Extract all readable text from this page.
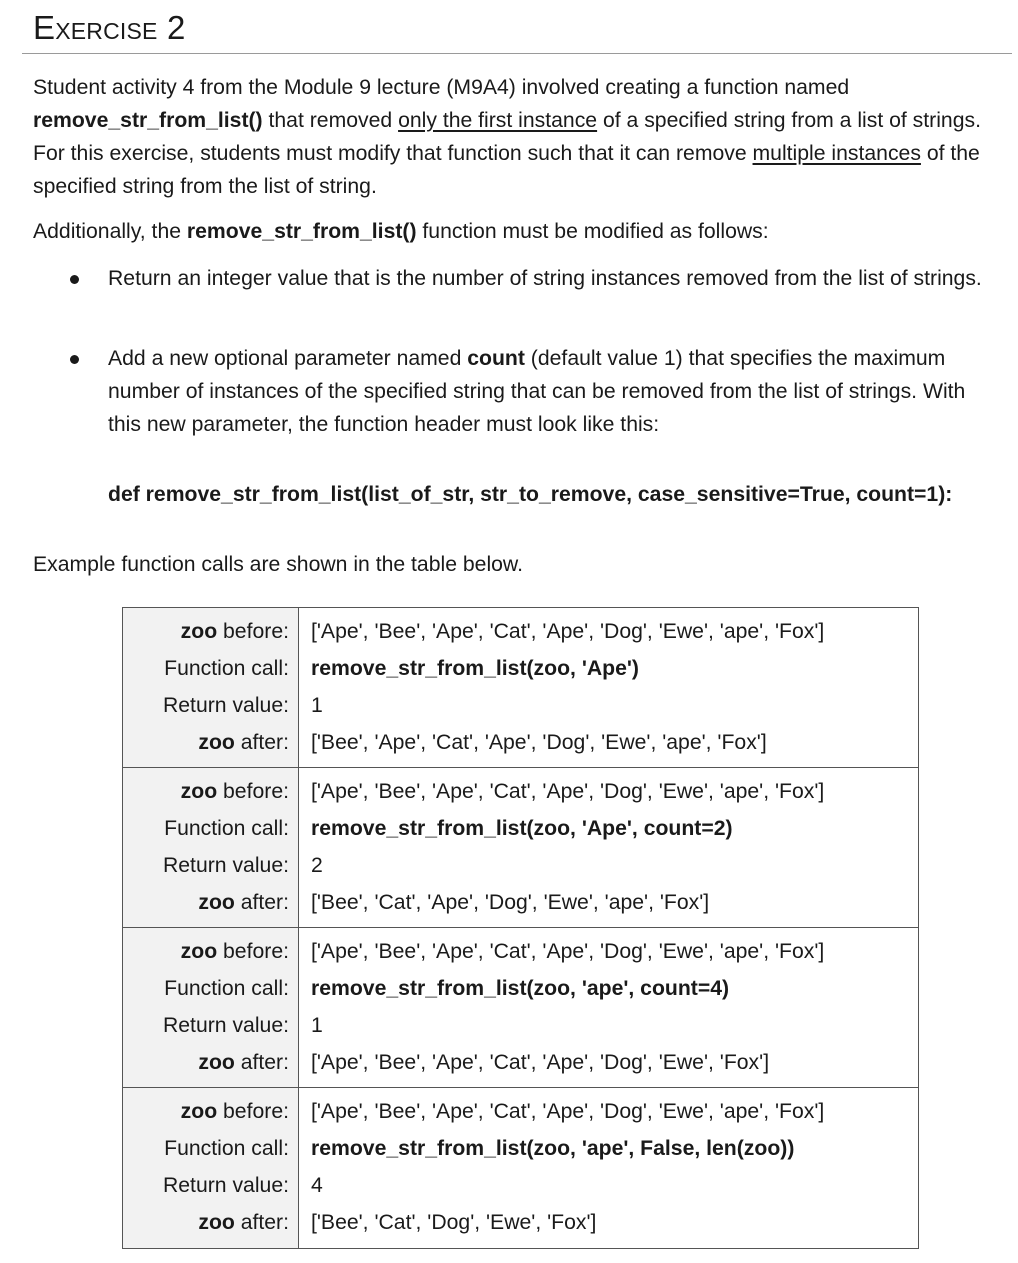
Exercise 2

Student activity 4 from the Module 9 lecture (M9A4) involved creating a function named remove_str_from_list() that removed only the first instance of a specified string from a list of strings. For this exercise, students must modify that function such that it can remove multiple instances of the specified string from the list of string.

Additionally, the remove_str_from_list() function must be modified as follows:

Return an integer value that is the number of string instances removed from the list of strings.
Add a new optional parameter named count (default value 1) that specifies the maximum number of instances of the specified string that can be removed from the list of strings. With this new parameter, the function header must look like this:
def remove_str_from_list(list_of_str, str_to_remove, case_sensitive=True, count=1):

Example function calls are shown in the table below.

zoo before: ['Ape', 'Bee', 'Ape', 'Cat', 'Ape', 'Dog', 'Ewe', 'ape', 'Fox']
Function call: remove_str_from_list(zoo, 'Ape')
Return value: 1
zoo after: ['Bee', 'Ape', 'Cat', 'Ape', 'Dog', 'Ewe', 'ape', 'Fox']
zoo before: ['Ape', 'Bee', 'Ape', 'Cat', 'Ape', 'Dog', 'Ewe', 'ape', 'Fox']
Function call: remove_str_from_list(zoo, 'Ape', count=2)
Return value: 2
zoo after: ['Bee', 'Cat', 'Ape', 'Dog', 'Ewe', 'ape', 'Fox']
zoo before: ['Ape', 'Bee', 'Ape', 'Cat', 'Ape', 'Dog', 'Ewe', 'ape', 'Fox']
Function call: remove_str_from_list(zoo, 'ape', count=4)
Return value: 1
zoo after: ['Ape', 'Bee', 'Ape', 'Cat', 'Ape', 'Dog', 'Ewe', 'Fox']
zoo before: ['Ape', 'Bee', 'Ape', 'Cat', 'Ape', 'Dog', 'Ewe', 'ape', 'Fox']
Function call: remove_str_from_list(zoo, 'ape', False, len(zoo))
Return value: 4
zoo after: ['Bee', 'Cat', 'Dog', 'Ewe', 'Fox']
